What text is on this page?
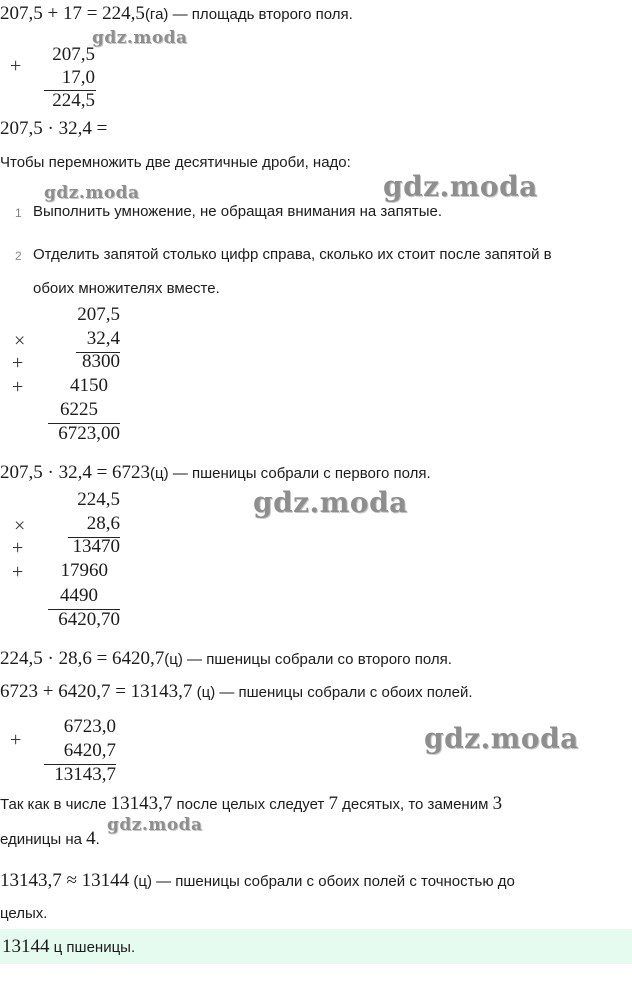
207,5 + 17 = 224,5(га) — площадь второго поля.
+
207,5
17,0
224,5
207,5 · 32,4 =
Чтобы перемножить две десятичные дроби, надо:
1 Выполнить умножение, не обращая внимания на запятые.
2 Отделить запятой столько цифр справа, сколько их стоит после запятой в
обоих множителях вместе.
207,5
×	32,4
+	8300
+	4150
6225
6723,00
207,5 · 32,4 = 6723(ц) — пшеницы собрали с первого поля.
224,5
×	28,6
+	13470
+	17960
4490
6420,70
224,5 · 28,6 = 6420,7(ц) — пшеницы собрали со второго поля.
6723 + 6420,7 = 13143,7 (ц) — пшеницы собрали с обоих полей.
+
6723,0
6420,7
13143,7
Так как в числе 13143,7 после целых следует 7 десятых, то заменим 3
единицы на 4.
13143,7 ≈ 13144 (ц) — пшеницы собрали с обоих полей с точностью до
целых.
13144 ц пшеницы.
gdz.moda
gdz.moda	gdz.moda
gdz.moda
gdz.moda
gdz.moda
